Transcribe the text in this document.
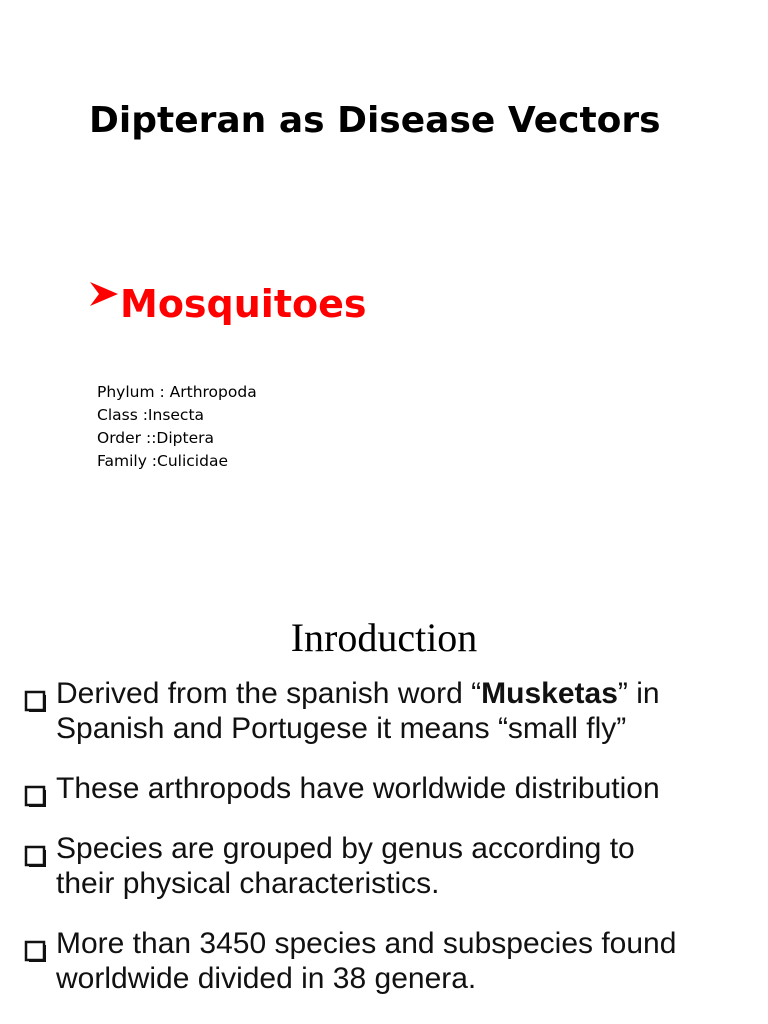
Dipteran as Disease Vectors
Mosquitoes
Phylum : Arthropoda
Class :Insecta
Order ::Diptera
Family :Culicidae
Inroduction
Derived from the spanish word “Musketas” in
Spanish and Portugese it means “small fly”
These arthropods have worldwide distribution
Species are grouped by genus according to
their physical characteristics.
More than 3450 species and subspecies found
worldwide divided in 38 genera.
